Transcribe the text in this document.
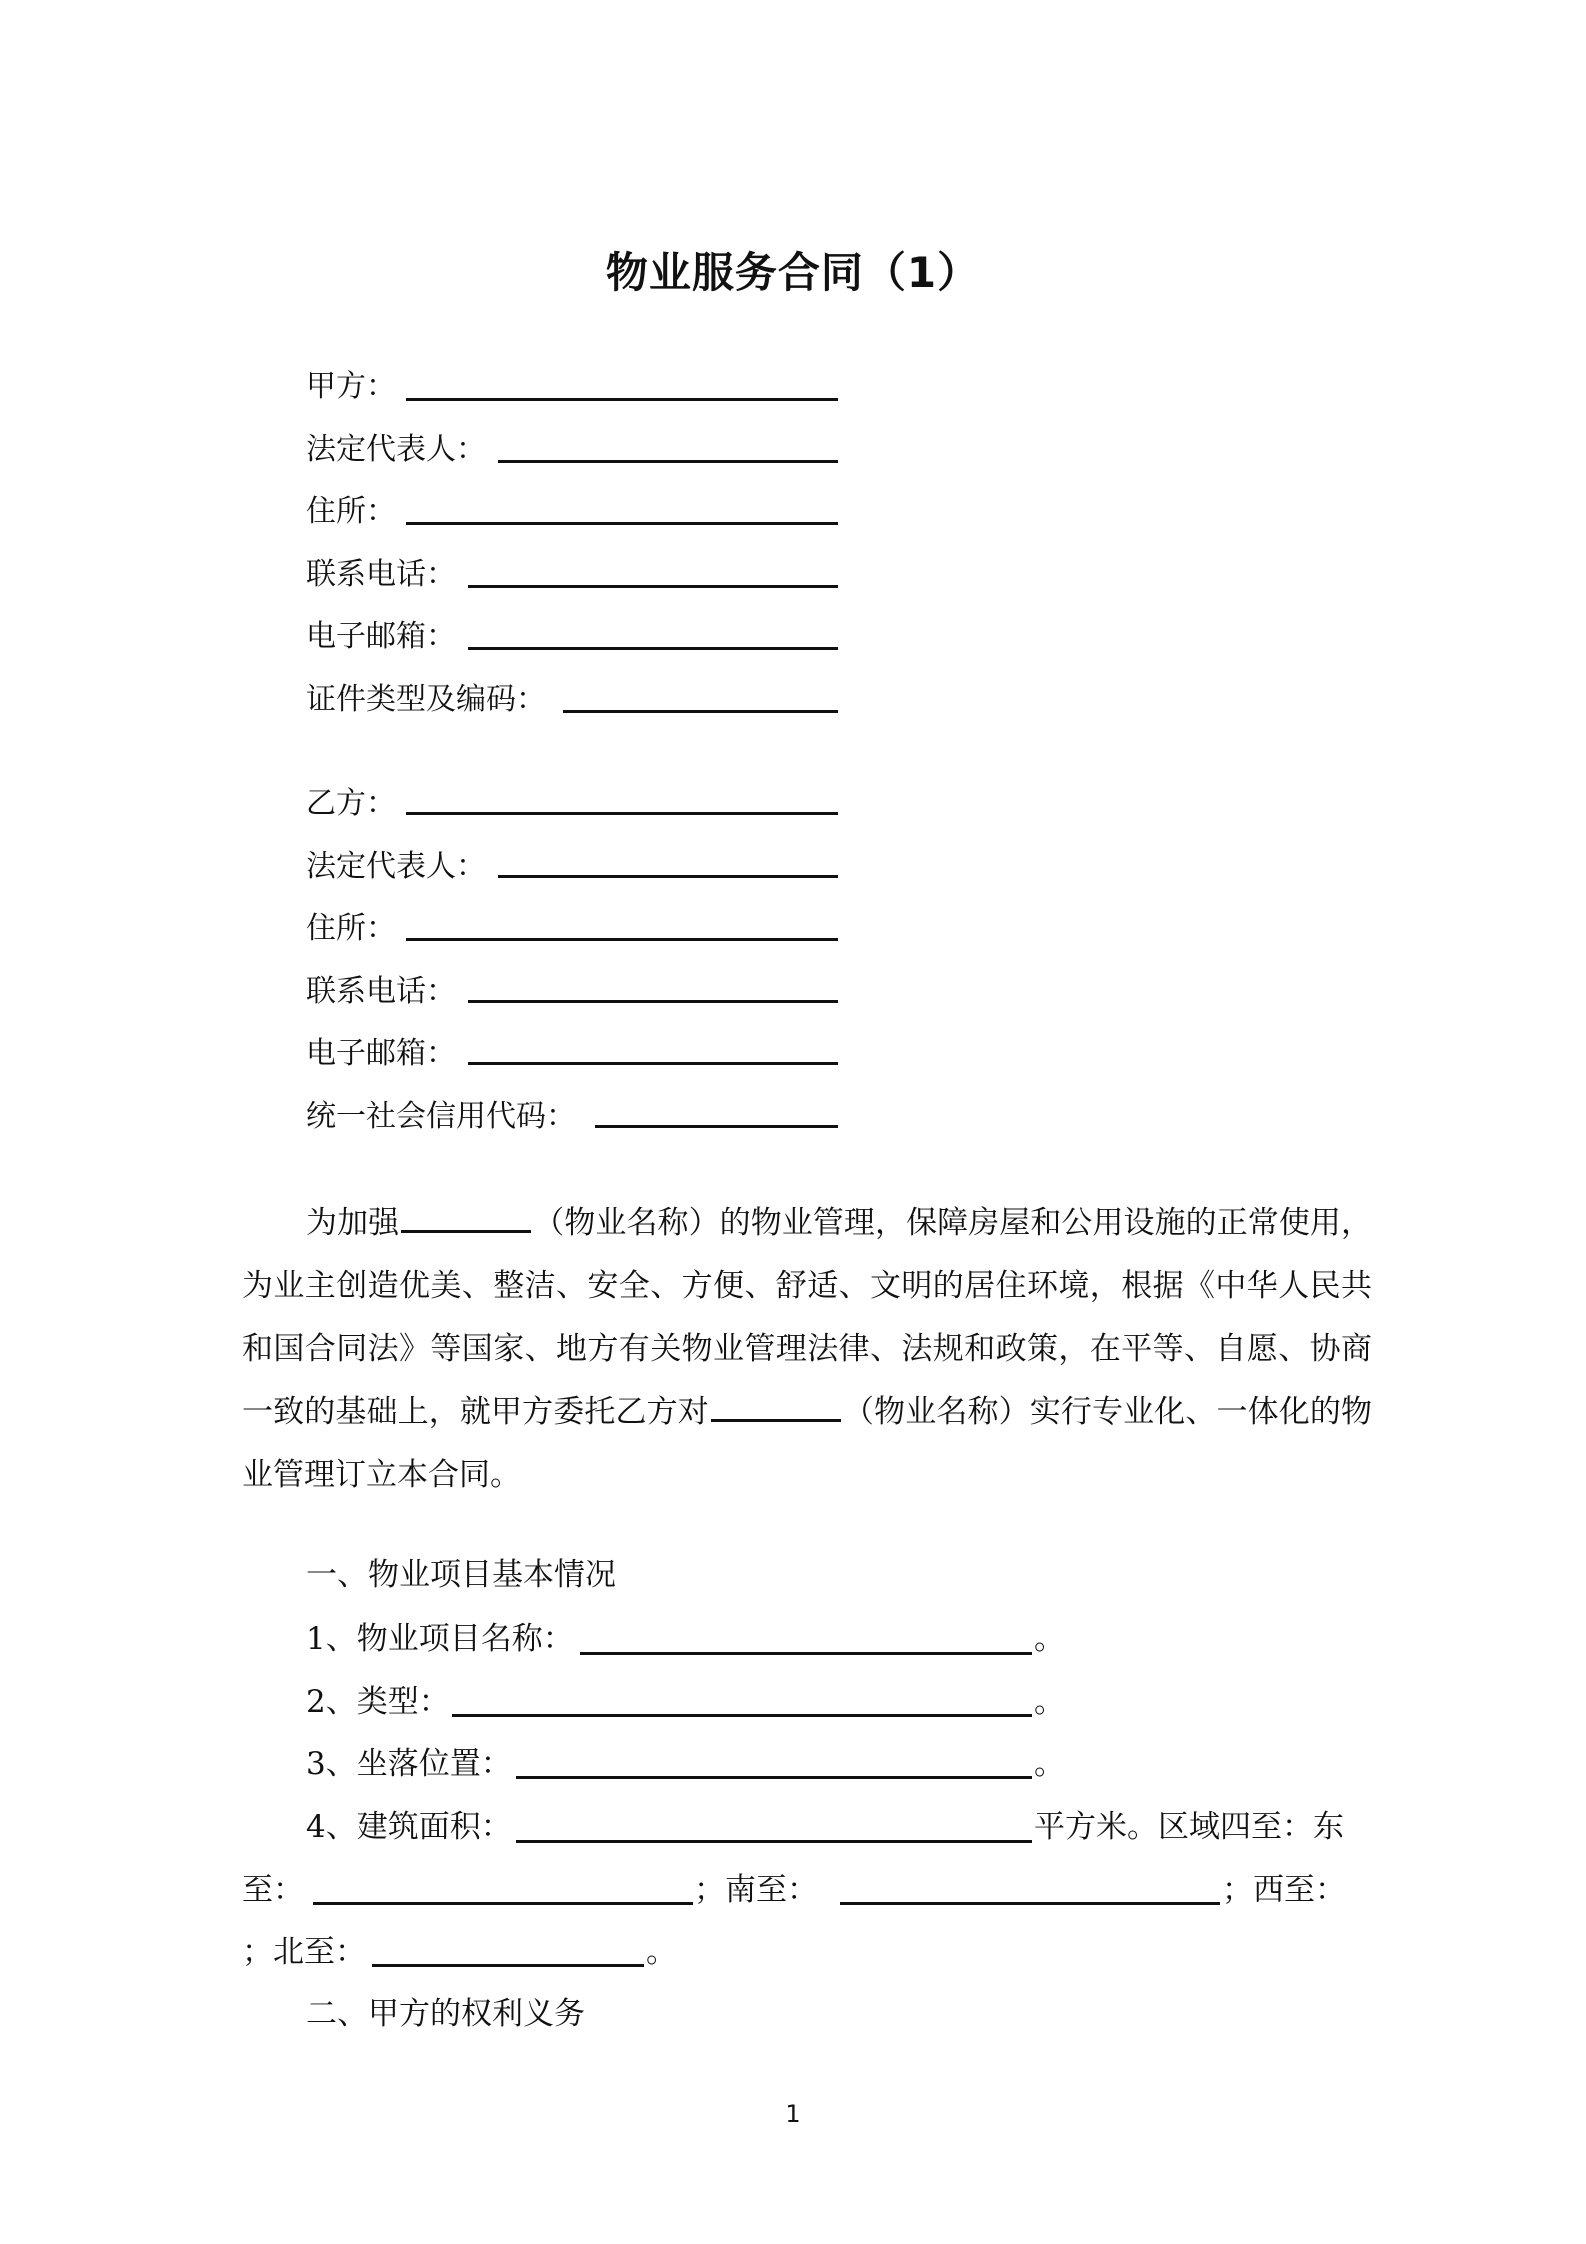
物业服务合同（1）
甲方：
法定代表人：
住所：
联系电话：
电子邮箱：
证件类型及编码：
乙方：
法定代表人：
住所：
联系电话：
电子邮箱：
统一社会信用代码：
为加强	（物业名称）的物业管理，保障房屋和公用设施的正常使用，为业主创造优美、整洁、安全、方便、舒适、文明的居住环境，根据《中华人民共和国合同法》等国家、地方有关物业管理法律、法规和政策，在平等、自愿、协商一致的基础上，就甲方委托乙方对	（物业名称）实行专业化、一体化的物业管理订立本合同。
一、物业项目基本情况
1、物业项目名称：	。
2、类型：	。
3、坐落位置：	。
4、建筑面积：	平方米。区域四至：东
至：	；南至：	；西至：
；北至：	。
二、甲方的权利义务
1
